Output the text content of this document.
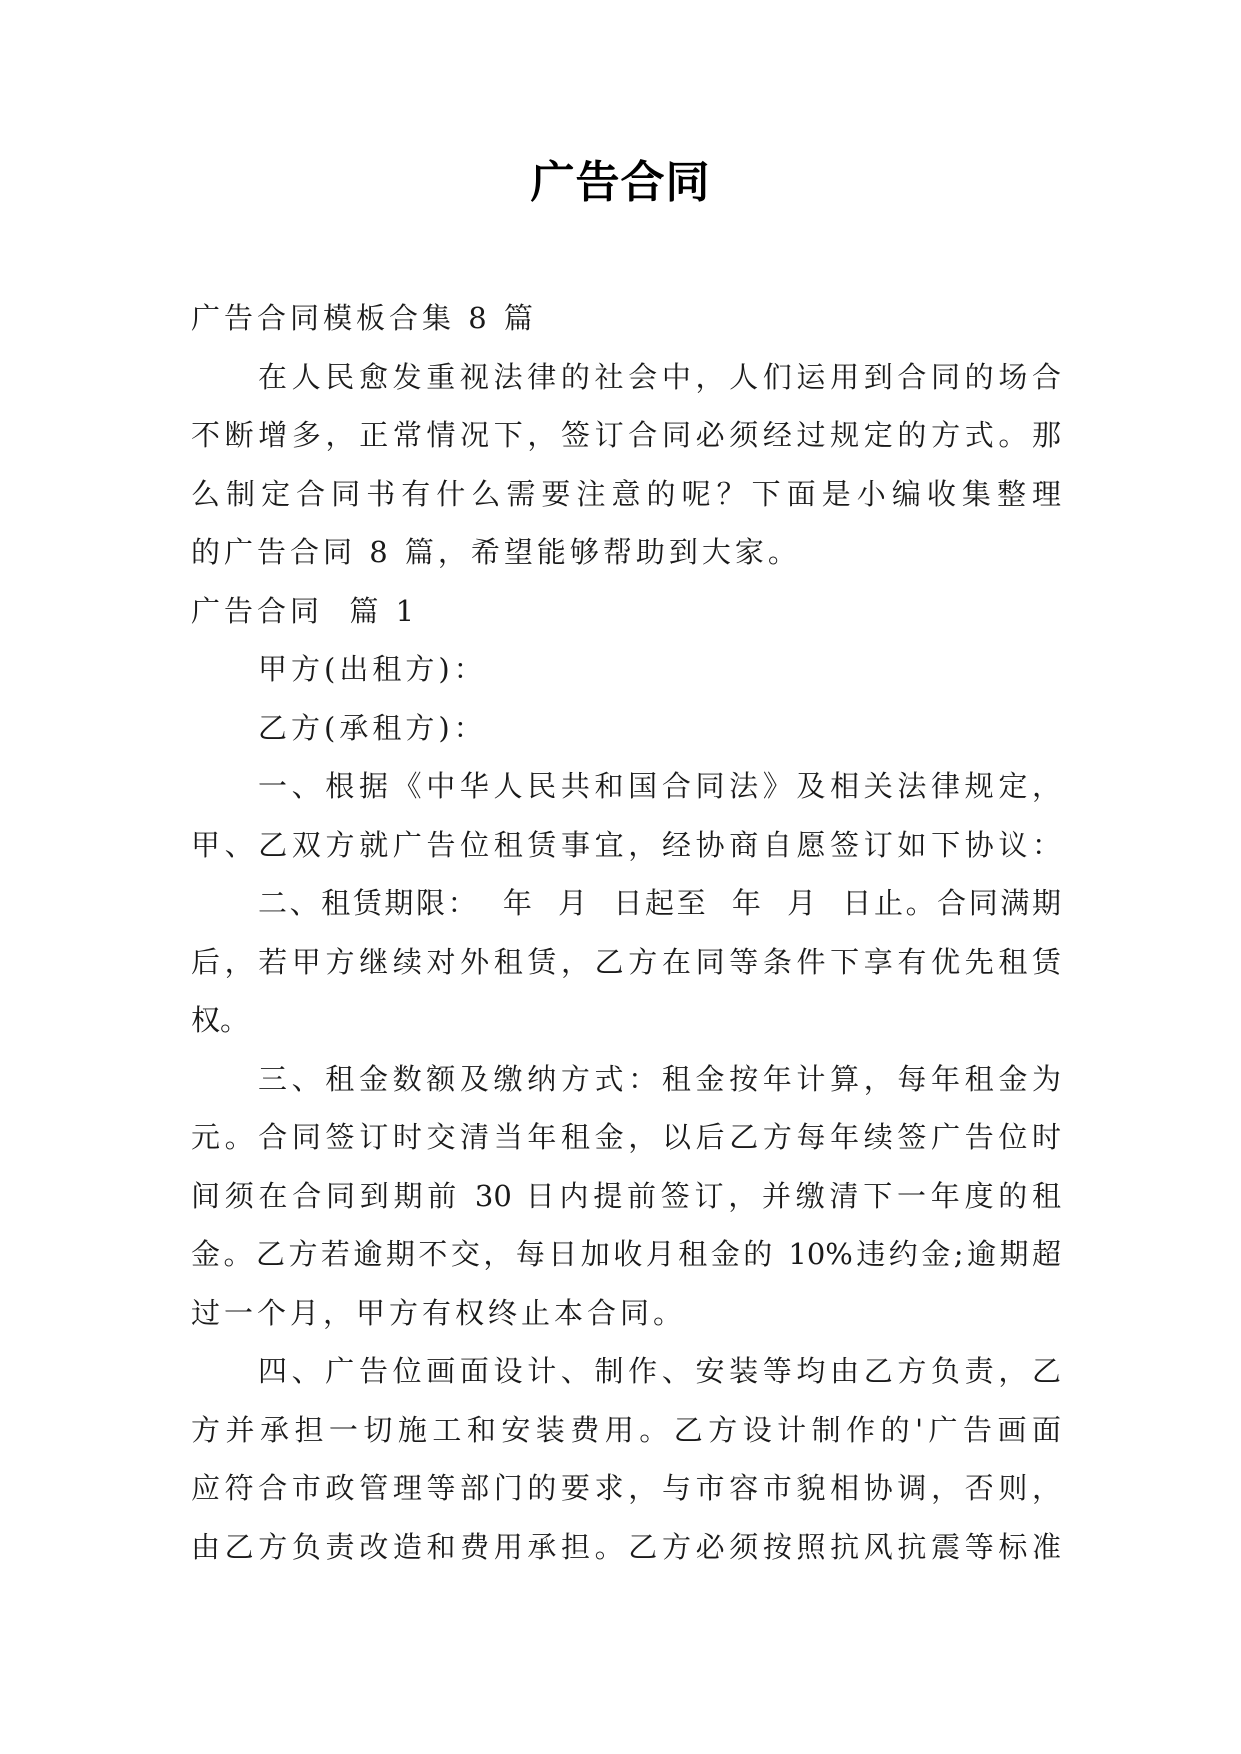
广告合同
广告合同模板合集 8 篇
在人民愈发重视法律的社会中，人们运用到合同的场合
不断增多，正常情况下，签订合同必须经过规定的方式。那
么制定合同书有什么需要注意的呢？下面是小编收集整理
的广告合同 8 篇，希望能够帮助到大家。
广告合同  篇 1
甲方(出租方)：
乙方(承租方)：
一、根据《中华人民共和国合同法》及相关法律规定，
甲、乙双方就广告位租赁事宜，经协商自愿签订如下协议：
二、租赁期限：  年  月  日起至  年  月  日止。合同满期
后，若甲方继续对外租赁，乙方在同等条件下享有优先租赁
权。
三、租金数额及缴纳方式：租金按年计算，每年租金为
元。合同签订时交清当年租金，以后乙方每年续签广告位时
间须在合同到期前 30 日内提前签订，并缴清下一年度的租
金。乙方若逾期不交，每日加收月租金的 10%违约金;逾期超
过一个月，甲方有权终止本合同。
四、广告位画面设计、制作、安装等均由乙方负责，乙
方并承担一切施工和安装费用。乙方设计制作的'广告画面
应符合市政管理等部门的要求，与市容市貌相协调，否则，
由乙方负责改造和费用承担。乙方必须按照抗风抗震等标准
